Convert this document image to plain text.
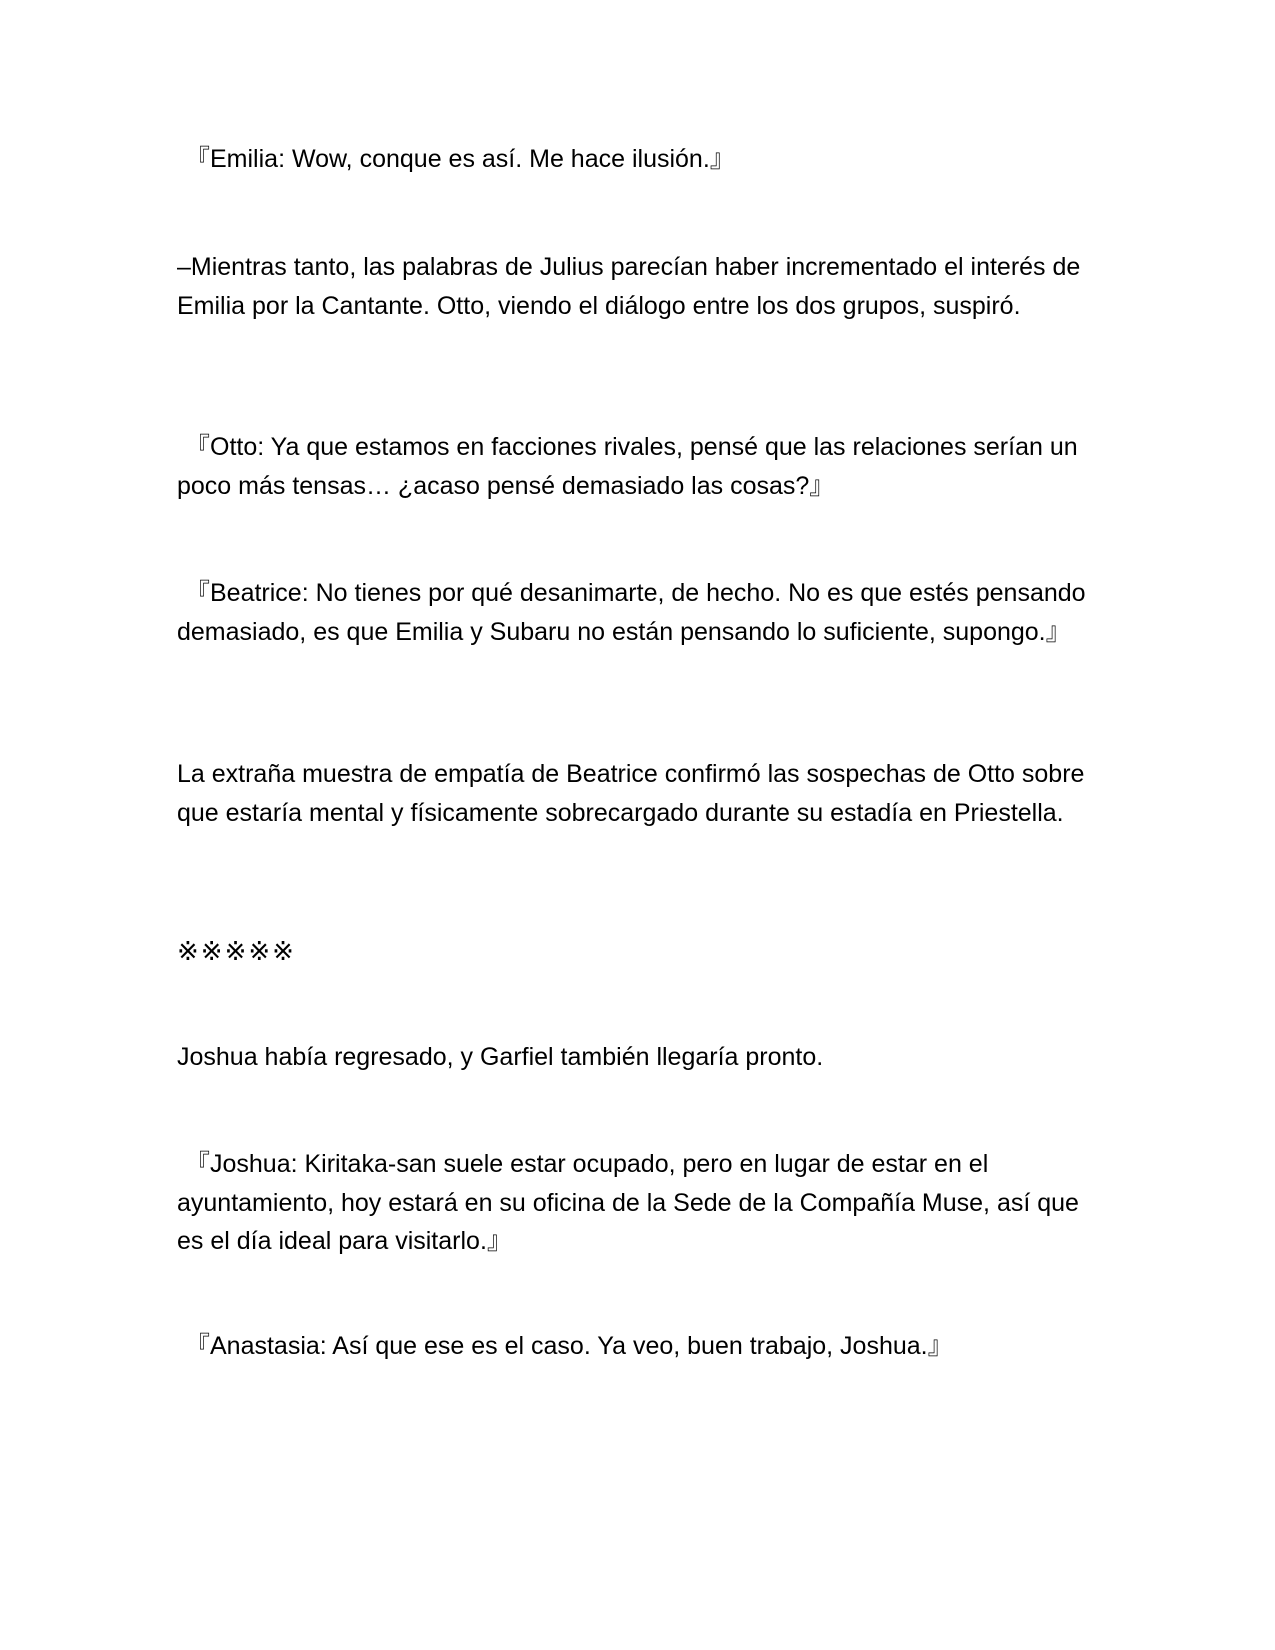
『Emilia: Wow, conque es así. Me hace ilusión.』

–Mientras tanto, las palabras de Julius parecían haber incrementado el interés de Emilia por la Cantante. Otto, viendo el diálogo entre los dos grupos, suspiró.

『Otto: Ya que estamos en facciones rivales, pensé que las relaciones serían un poco más tensas… ¿acaso pensé demasiado las cosas?』

『Beatrice: No tienes por qué desanimarte, de hecho. No es que estés pensando demasiado, es que Emilia y Subaru no están pensando lo suficiente, supongo.』

La extraña muestra de empatía de Beatrice confirmó las sospechas de Otto sobre que estaría mental y físicamente sobrecargado durante su estadía en Priestella.

※※※※※

Joshua había regresado, y Garfiel también llegaría pronto.

『Joshua: Kiritaka-san suele estar ocupado, pero en lugar de estar en el ayuntamiento, hoy estará en su oficina de la Sede de la Compañía Muse, así que es el día ideal para visitarlo.』

『Anastasia: Así que ese es el caso. Ya veo, buen trabajo, Joshua.』
